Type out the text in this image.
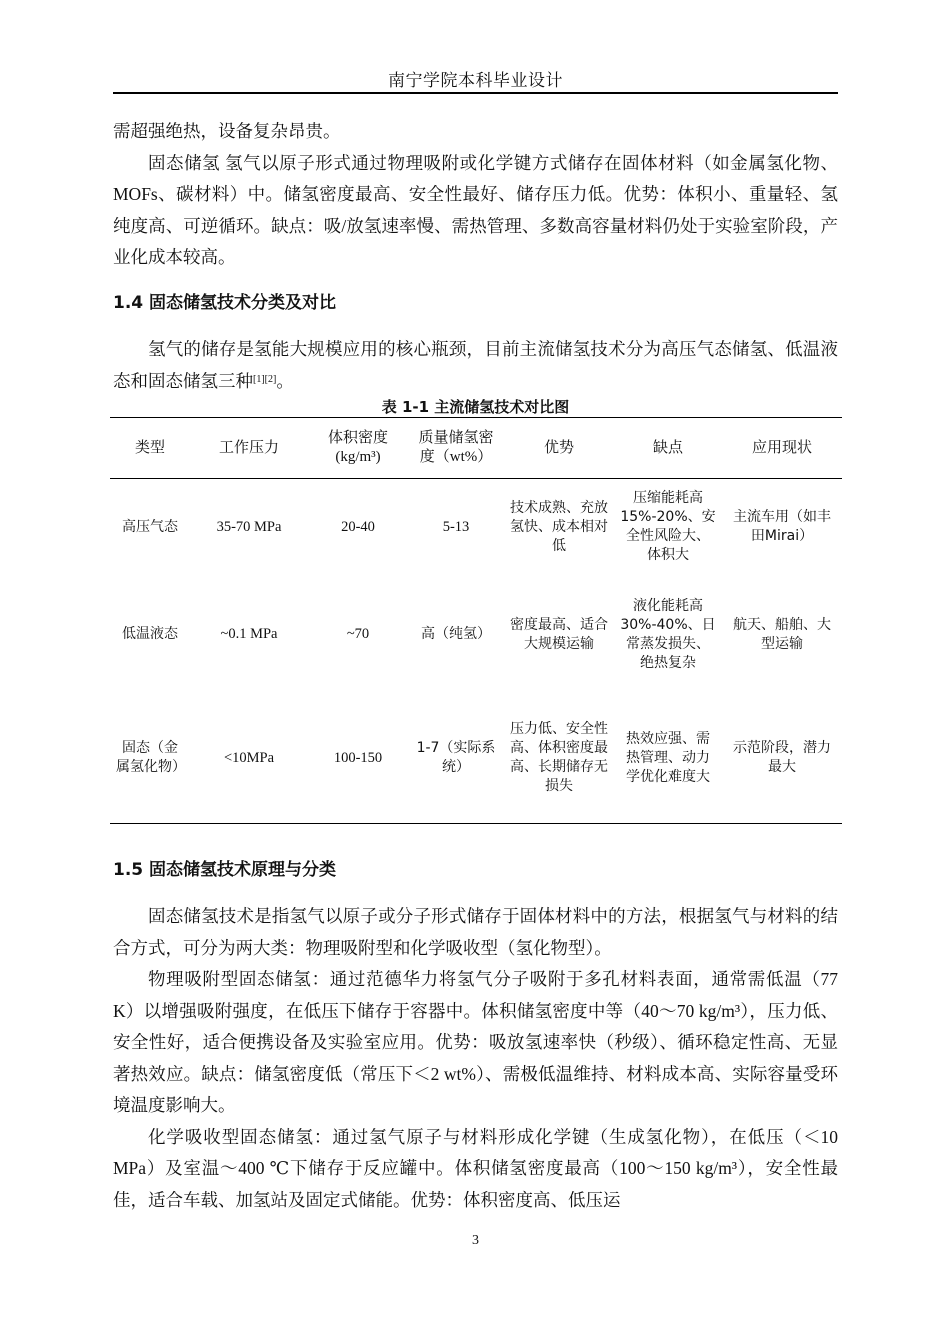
南宁学院本科毕业设计

需超强绝热，设备复杂昂贵。

固态储氢 氢气以原子形式通过物理吸附或化学键方式储存在固体材料（如金属氢化物、MOFs、碳材料）中。储氢密度最高、安全性最好、储存压力低。优势：体积小、重量轻、氢纯度高、可逆循环。缺点：吸/放氢速率慢、需热管理、多数高容量材料仍处于实验室阶段，产业化成本较高。

1.4 固态储氢技术分类及对比

氢气的储存是氢能大规模应用的核心瓶颈，目前主流储氢技术分为高压气态储氢、低温液态和固态储氢三种[1][2]。

表 1-1 主流储氢技术对比图
类型	工作压力	体积密度(kg/m³)	质量储氢密度（wt%）	优势	缺点	应用现状
高压气态	35-70 MPa	20-40	5-13	技术成熟、充放氢快、成本相对低	压缩能耗高15%-20%、安全性风险大、体积大	主流车用（如丰田Mirai）
低温液态	~0.1 MPa	~70	高（纯氢）	密度最高、适合大规模运输	液化能耗高30%-40%、日常蒸发损失、绝热复杂	航天、船舶、大型运输
固态（金属氢化物）	<10MPa	100-150	1-7（实际系统）	压力低、安全性高、体积密度最高、长期储存无损失	热效应强、需热管理、动力学优化难度大	示范阶段，潜力最大
1.5 固态储氢技术原理与分类

固态储氢技术是指氢气以原子或分子形式储存于固体材料中的方法，根据氢气与材料的结合方式，可分为两大类：物理吸附型和化学吸收型（氢化物型）。

物理吸附型固态储氢：通过范德华力将氢气分子吸附于多孔材料表面，通常需低温（77 K）以增强吸附强度，在低压下储存于容器中。体积储氢密度中等（40～70 kg/m³），压力低、安全性好，适合便携设备及实验室应用。优势：吸放氢速率快（秒级）、循环稳定性高、无显著热效应。缺点：储氢密度低（常压下＜2 wt%）、需极低温维持、材料成本高、实际容量受环境温度影响大。

化学吸收型固态储氢：通过氢气原子与材料形成化学键（生成氢化物），在低压（＜10 MPa）及室温～400 ℃下储存于反应罐中。体积储氢密度最高（100～150 kg/m³），安全性最佳，适合车载、加氢站及固定式储能。优势：体积密度高、低压运

3
